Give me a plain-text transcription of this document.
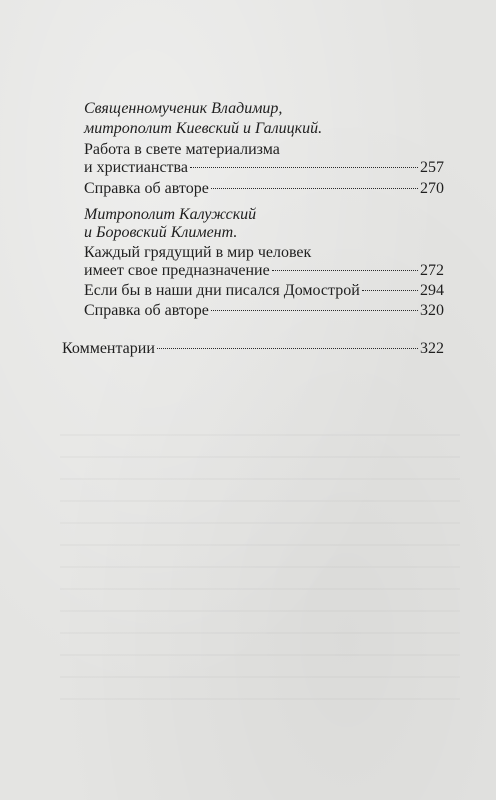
Священномученик Владимир,
митрополит Киевский и Галицкий.
Работа в свете материализма
и христианства	257
Справка об авторе	270
Митрополит Калужский
и Боровский Климент.
Каждый грядущий в мир человек
имеет свое предназначение	272
Если бы в наши дни писался Домострой	294
Справка об авторе	320
Комментарии	322
